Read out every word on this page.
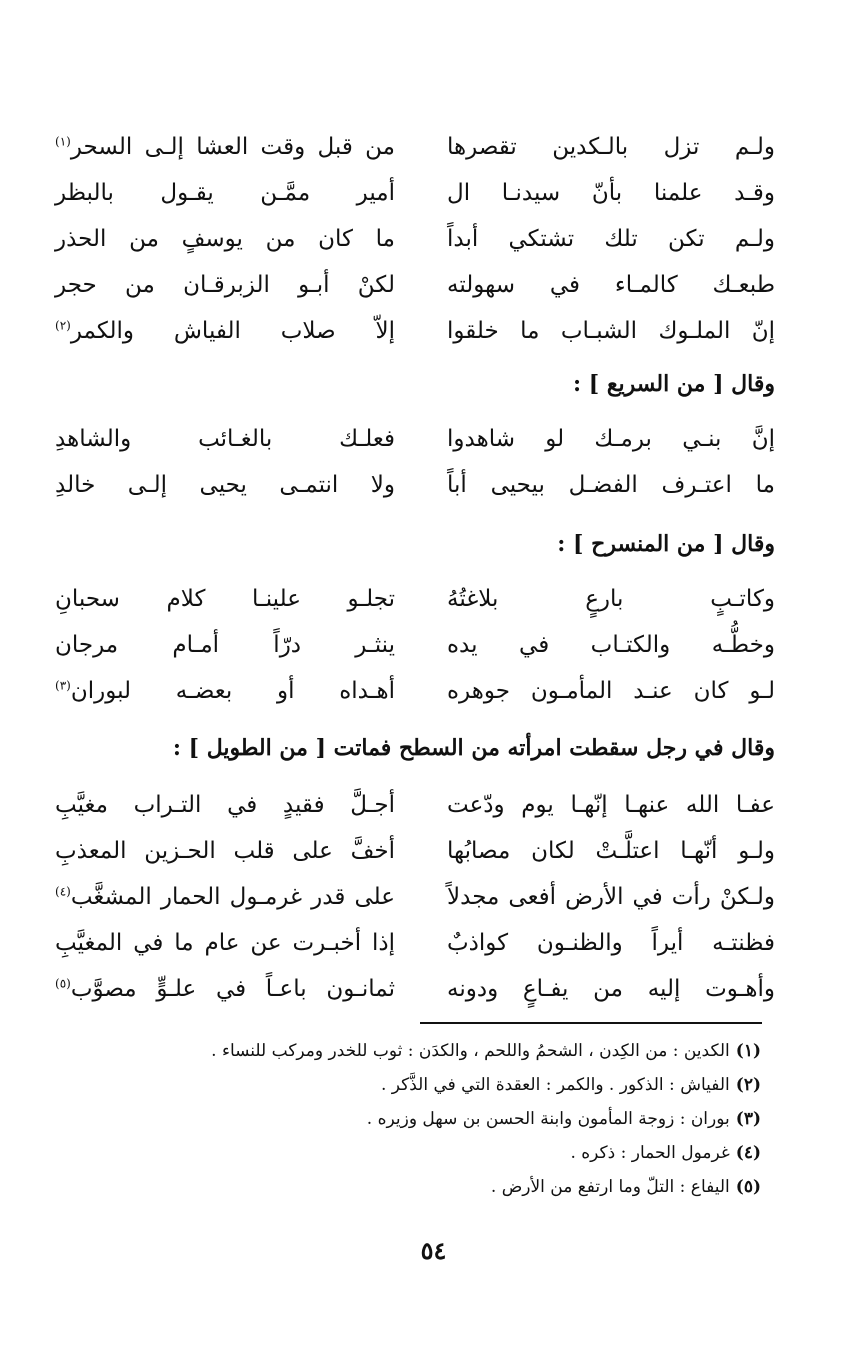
ولـم تزل بالـكدين تقصرها
من قبل وقت العشا إلـى السحر$^{(١)}$
وقـد علمنا بأنّ سيدنـا ال
أمير ممَّـن يقـول بالبظر
ولـم تكن تلك تشتكي أبداً
ما كان من يوسفٍ من الحذر
طبعـك كالمـاء في سهولته
لكنْ أبـو الزبرقـان من حجر
إنّ الملـوك الشبـاب ما خلقوا
إلاّ صلاب الفياش والكمر$^{(٢)}$
وقال [ من السريع ] :
إنَّ بنـي برمـك لو شاهدوا
فعلـك بالغـائب والشاهدِ
ما اعتـرف الفضـل بيحيى أباً
ولا انتمـى يحيى إلـى خالدِ
وقال [ من المنسرح ] :
وكاتـبٍ بارعٍ بلاغتُهُ
تجلـو علينـا كلام سحبانِ
وخطُّـه والكتـاب في يده
ينثـر درّاً أمـام مرجان
لـو كان عنـد المأمـون جوهره
أهـداه أو بعضـه لبوران$^{(٣)}$
وقال في رجل سقطت امرأته من السطح فماتت [ من الطويل ] :
عفـا الله عنهـا إنّهـا يوم ودّعت
أجـلَّ فقيدٍ في التـراب مغيَّبِ
ولـو أنّهـا اعتلَّـتْ لكان مصابُها
أخفَّ على قلب الحـزين المعذبِ
ولـكنْ رأت في الأرض أفعى مجدلاً
على قدر غرمـول الحمار المشغَّب$^{(٤)}$
فظنتـه أيراً والظنـون كواذبٌ
إذا أخبـرت عن عام ما في المغيَّبِ
وأهـوت إليه من يفـاعٍ ودونه
ثمانـون باعـاً في علـوٍّ مصوَّب$^{(٥)}$
(١)الكدين : من الكِدن ، الشحمُ واللحم ، والكدَن : ثوب للخدر ومركب للنساء .
(٢)الفياش : الذكور . والكمر : العقدة التي في الذَّكر .
(٣)بوران : زوجة المأمون وابنة الحسن بن سهل وزيره .
(٤)غرمول الحمار : ذكره .
(٥)اليفاع : التلّ وما ارتفع من الأرض .
٥٤
